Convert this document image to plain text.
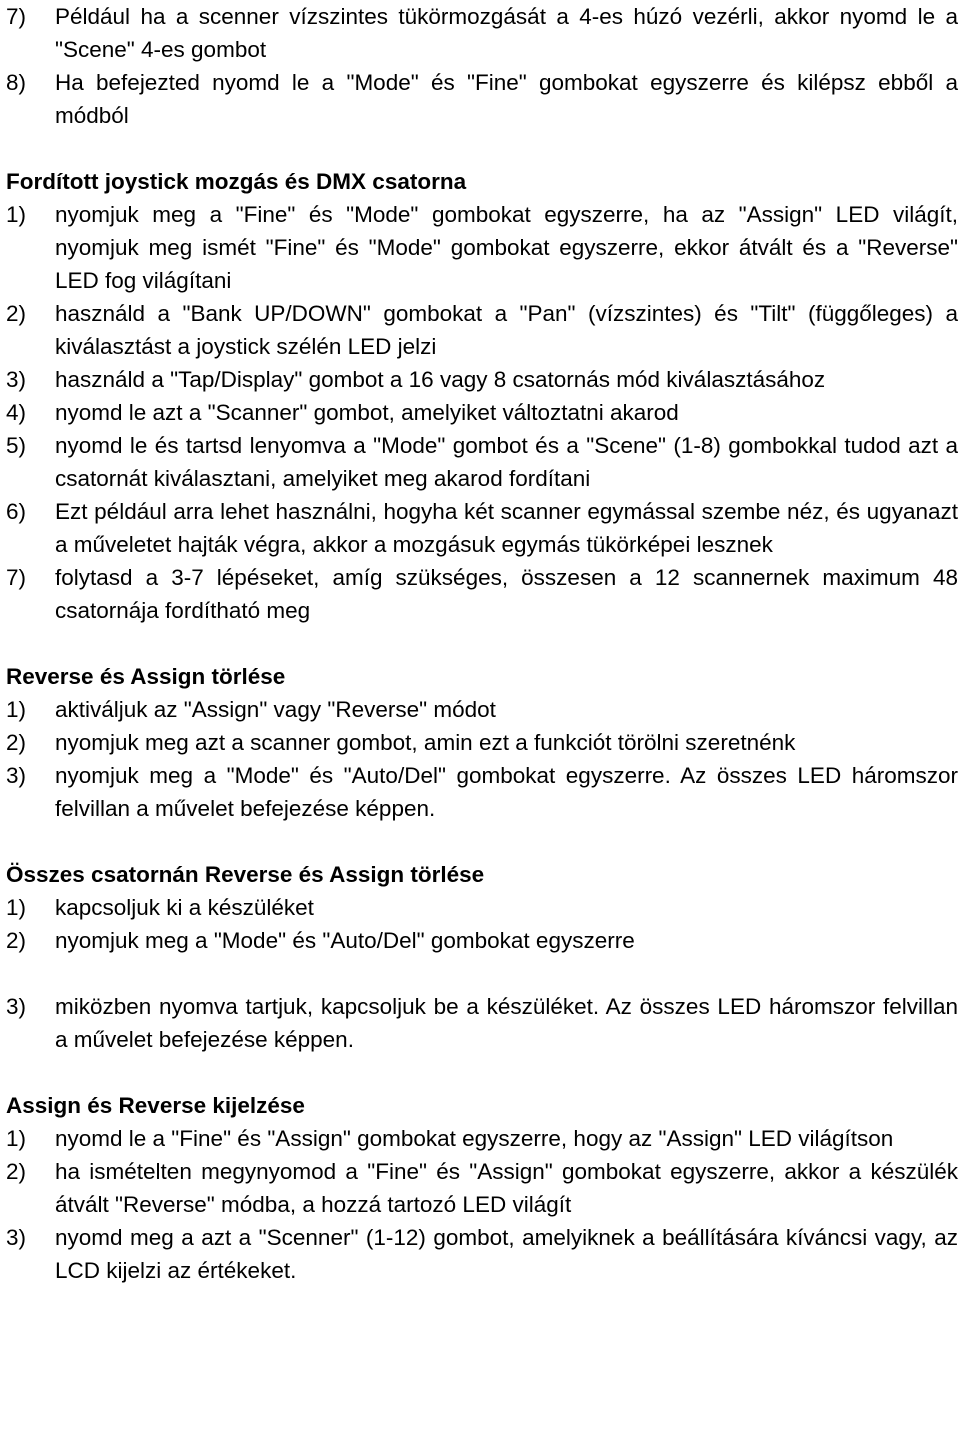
7)	Például ha a scenner vízszintes tükörmozgását a 4-es húzó vezérli, akkor nyomd le a "Scene" 4-es gombot
8)	Ha befejezted nyomd le a "Mode" és "Fine" gombokat egyszerre és kilépsz ebből a módból
Fordított joystick mozgás és DMX csatorna
1)	nyomjuk meg a "Fine" és "Mode" gombokat egyszerre, ha az "Assign" LED világít, nyomjuk meg ismét "Fine" és "Mode" gombokat egyszerre, ekkor átvált és a "Reverse" LED fog világítani
2)	használd a "Bank UP/DOWN" gombokat a "Pan" (vízszintes) és "Tilt" (függőleges) a kiválasztást a joystick szélén LED jelzi
3)	használd a "Tap/Display" gombot a 16 vagy 8 csatornás mód kiválasztásához
4)	nyomd le azt a "Scanner" gombot, amelyiket változtatni akarod
5)	nyomd le és tartsd lenyomva a "Mode" gombot és a "Scene" (1-8) gombokkal tudod azt a csatornát kiválasztani, amelyiket meg akarod fordítani
6)	Ezt például arra lehet használni, hogyha két scanner egymással szembe néz, és ugyanazt a műveletet hajták végra, akkor a mozgásuk egymás tükörképei lesznek
7)	folytasd a 3-7 lépéseket, amíg szükséges, összesen a 12 scannernek maximum 48 csatornája fordítható meg
Reverse és Assign törlése
1)	aktiváljuk az "Assign" vagy "Reverse" módot
2)	nyomjuk meg azt a scanner gombot, amin ezt a funkciót törölni szeretnénk
3)	nyomjuk meg a "Mode" és "Auto/Del" gombokat egyszerre. Az összes LED háromszor felvillan a művelet befejezése képpen.
Összes csatornán Reverse és Assign törlése
1)	kapcsoljuk ki a készüléket
2)	nyomjuk meg a "Mode" és "Auto/Del" gombokat egyszerre
3)	miközben nyomva tartjuk, kapcsoljuk be a készüléket. Az összes LED háromszor felvillan a művelet befejezése képpen.
Assign és Reverse kijelzése
1)	nyomd le a "Fine" és "Assign" gombokat egyszerre, hogy az "Assign" LED világítson
2)	ha ismételten megynyomod a "Fine" és "Assign" gombokat egyszerre, akkor a készülék átvált "Reverse" módba, a hozzá tartozó LED világít
3)	nyomd meg a azt a "Scenner" (1-12) gombot, amelyiknek a beállítására kíváncsi vagy, az LCD kijelzi az értékeket.
